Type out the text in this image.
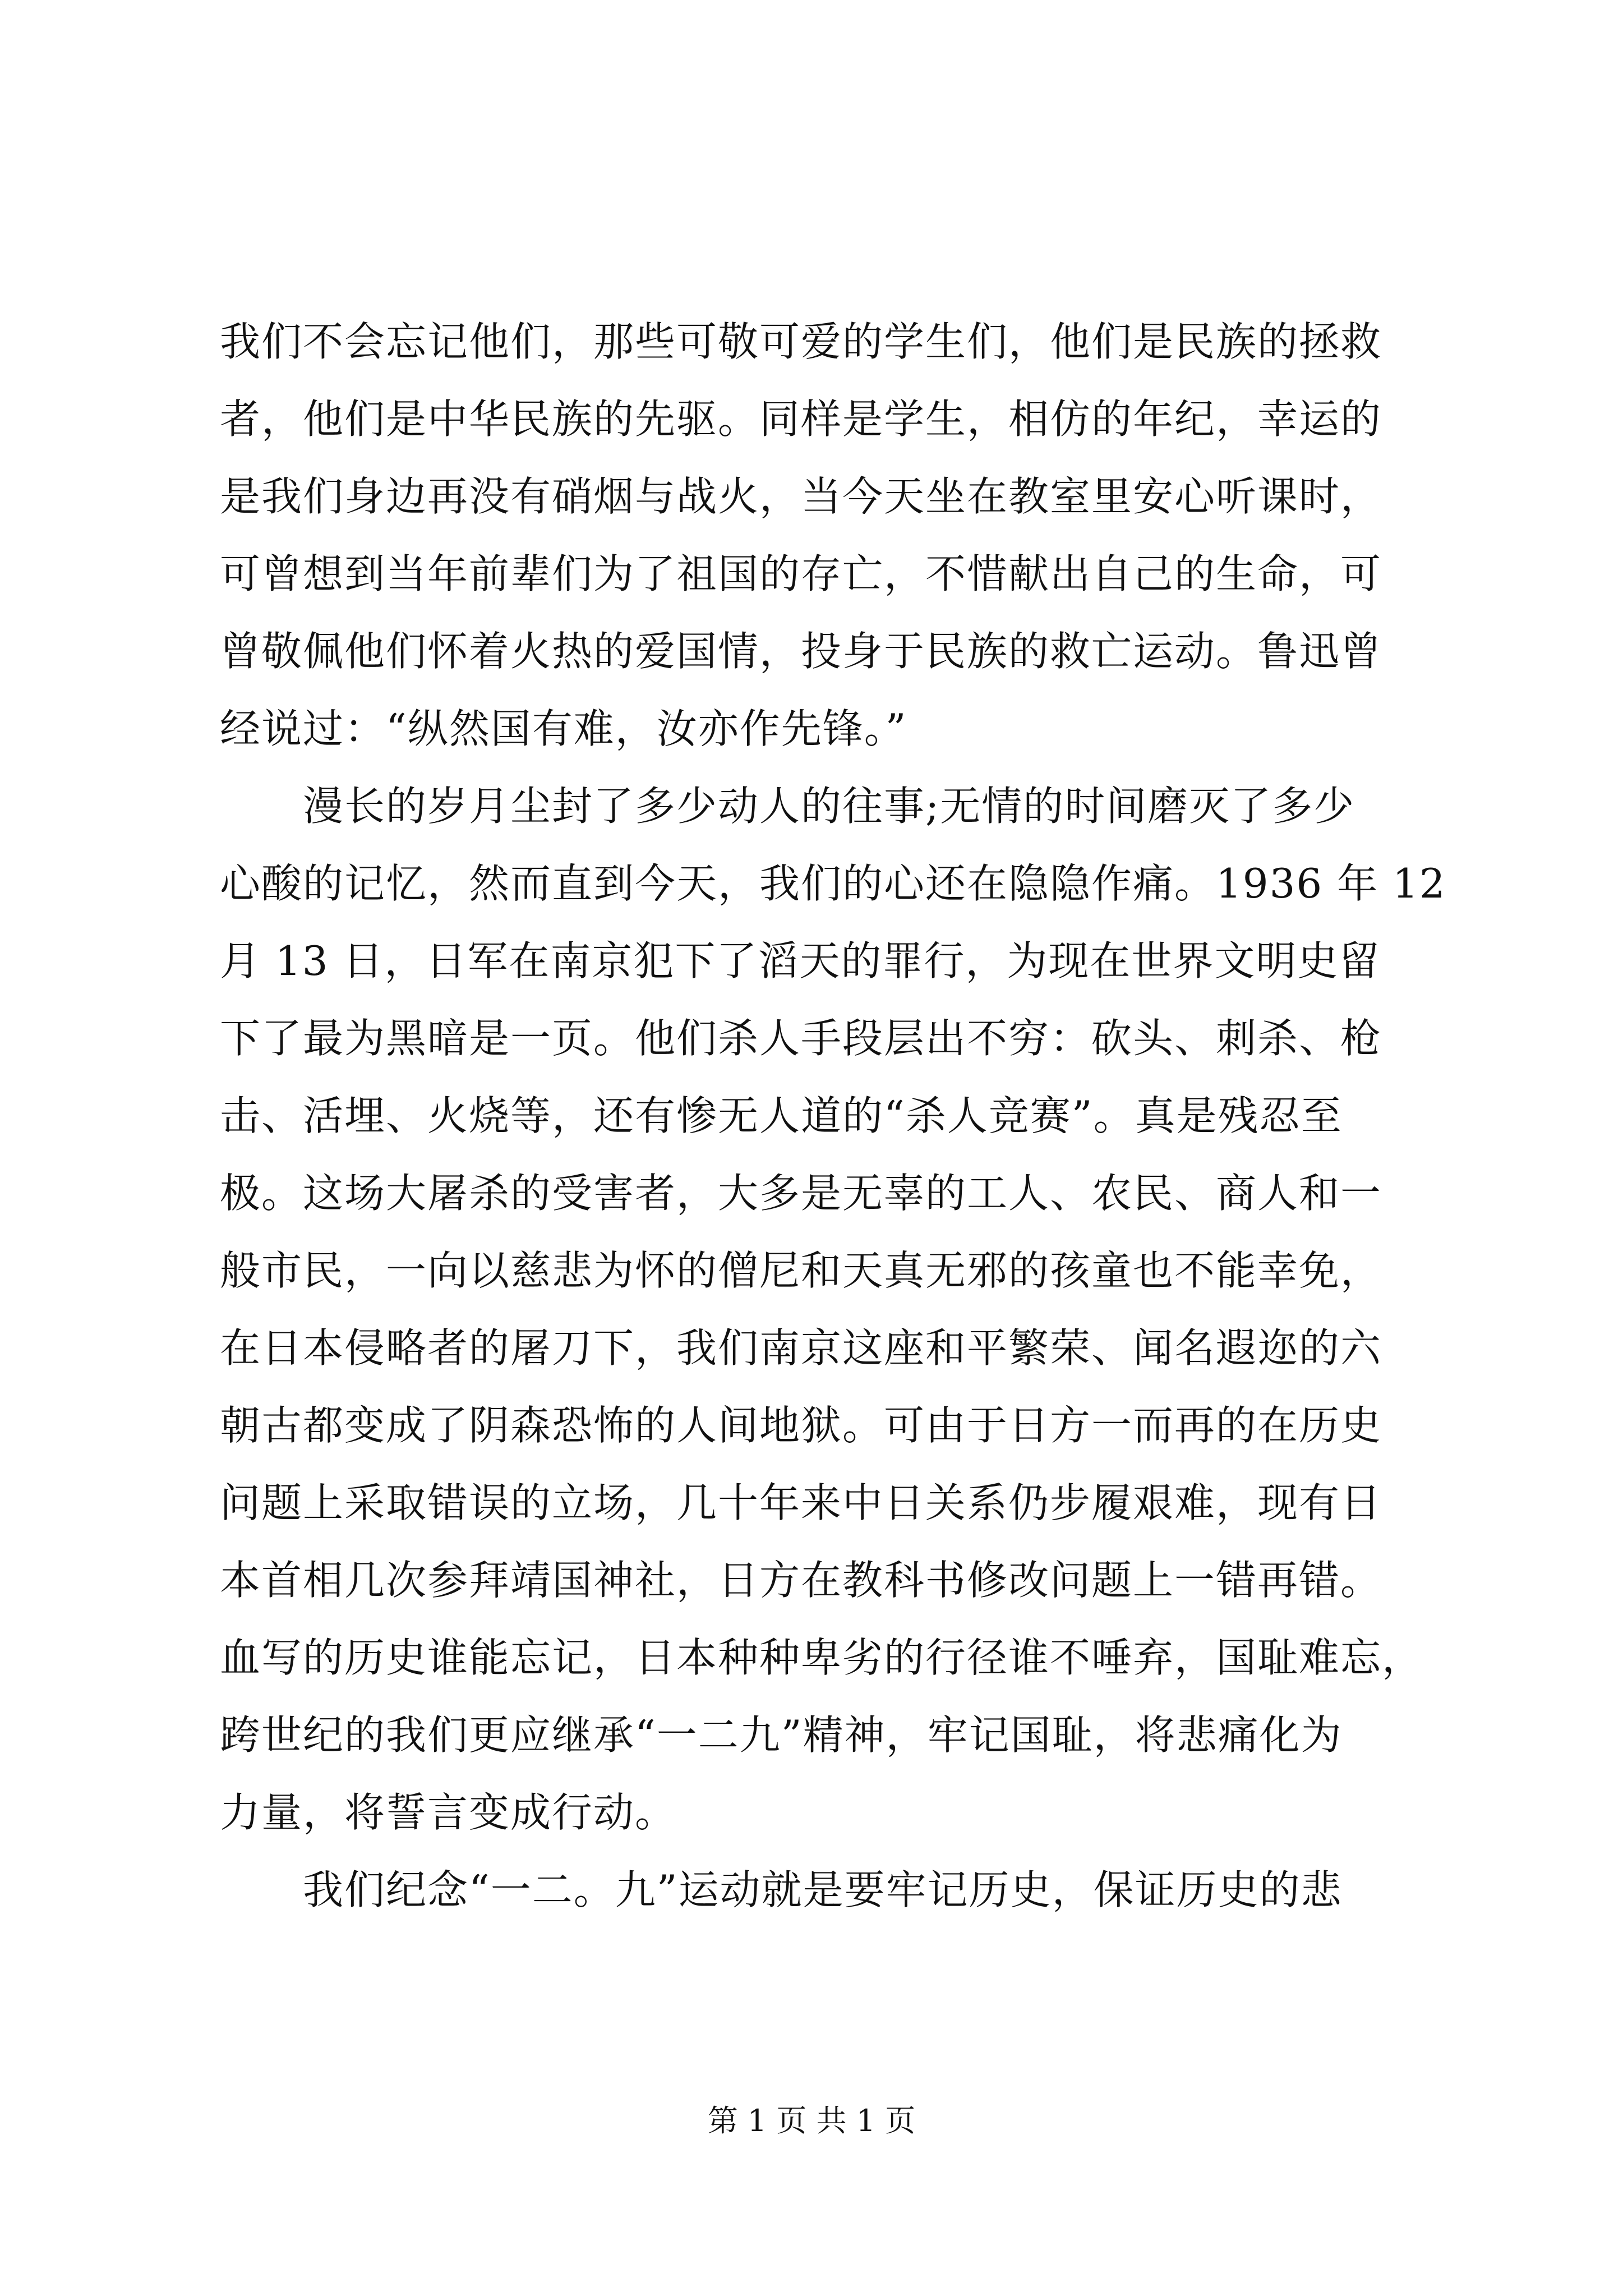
我们不会忘记他们，那些可敬可爱的学生们，他们是民族的拯救
者，他们是中华民族的先驱。同样是学生，相仿的年纪，幸运的
是我们身边再没有硝烟与战火，当今天坐在教室里安心听课时，
可曾想到当年前辈们为了祖国的存亡，不惜献出自己的生命，可
曾敬佩他们怀着火热的爱国情，投身于民族的救亡运动。鲁迅曾
经说过：“纵然国有难，汝亦作先锋。”
　　漫长的岁月尘封了多少动人的往事;无情的时间磨灭了多少
心酸的记忆，然而直到今天，我们的心还在隐隐作痛。1936 年 12
月 13 日，日军在南京犯下了滔天的罪行，为现在世界文明史留
下了最为黑暗是一页。他们杀人手段层出不穷：砍头、刺杀、枪
击、活埋、火烧等，还有惨无人道的“杀人竞赛”。真是残忍至
极。这场大屠杀的受害者，大多是无辜的工人、农民、商人和一
般市民，一向以慈悲为怀的僧尼和天真无邪的孩童也不能幸免，
在日本侵略者的屠刀下，我们南京这座和平繁荣、闻名遐迩的六
朝古都变成了阴森恐怖的人间地狱。可由于日方一而再的在历史
问题上采取错误的立场，几十年来中日关系仍步履艰难，现有日
本首相几次参拜靖国神社，日方在教科书修改问题上一错再错。
血写的历史谁能忘记，日本种种卑劣的行径谁不唾弃，国耻难忘，
跨世纪的我们更应继承“一二九”精神，牢记国耻，将悲痛化为
力量，将誓言变成行动。
　　我们纪念“一二。九”运动就是要牢记历史，保证历史的悲
第 1 页 共 1 页
